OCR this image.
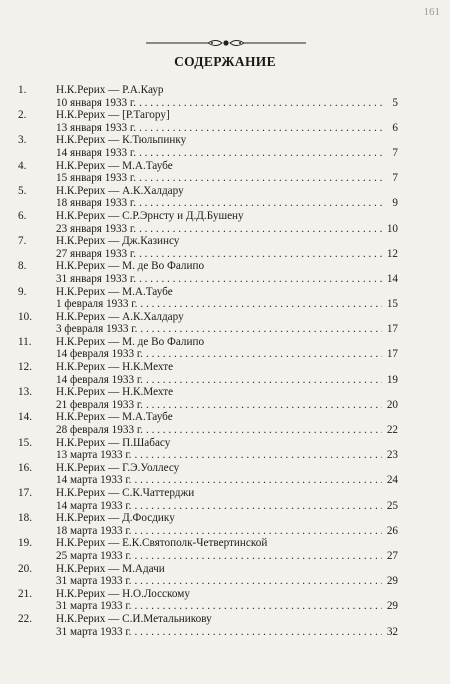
161
СОДЕРЖАНИЕ

1.	Н.К.Рерих — Р.А.Каур
10 января 1933 г. . . .	5
2.	Н.К.Рерих — [Р.Тагору]
13 января 1933 г. . . .	6
3.	Н.К.Рерих — К.Тюльпинку
14 января 1933 г. . . .	7
4.	Н.К.Рерих — М.А.Таубе
15 января 1933 г. . . .	7
5.	Н.К.Рерих — А.К.Халдару
18 января 1933 г. . . .	9
6.	Н.К.Рерих — С.Р.Эрнсту и Д.Д.Бушену
23 января 1933 г. . . .	10
7.	Н.К.Рерих — Дж.Казинсу
27 января 1933 г. . . .	12
8.	Н.К.Рерих — М. де Во Фалипо
31 января 1933 г. . . .	14
9.	Н.К.Рерих — М.А.Таубе
1 февраля 1933 г. . . .	15
10.	Н.К.Рерих — А.К.Халдару
3 февраля 1933 г. . . .	17
11.	Н.К.Рерих — М. де Во Фалипо
14 февраля 1933 г. . . .	17
12.	Н.К.Рерих — Н.К.Мехте
14 февраля 1933 г. . . .	19
13.	Н.К.Рерих — Н.К.Мехте
21 февраля 1933 г. . . .	20
14.	Н.К.Рерих — М.А.Таубе
28 февраля 1933 г. . . .	22
15.	Н.К.Рерих — П.Шабасу
13 марта 1933 г. . . .	23
16.	Н.К.Рерих — Г.Э.Уоллесу
14 марта 1933 г. . . .	24
17.	Н.К.Рерих — С.К.Чаттерджи
14 марта 1933 г. . . .	25
18.	Н.К.Рерих — Д.Фосдику
18 марта 1933 г. . . .	26
19.	Н.К.Рерих — Е.К.Святополк-Четвертинской
25 марта 1933 г. . . .	27
20.	Н.К.Рерих — М.Адачи
31 марта 1933 г. . . .	29
21.	Н.К.Рерих — Н.О.Лосскому
31 марта 1933 г. . . .	29
22.	Н.К.Рерих — С.И.Метальникову
31 марта 1933 г. . . .	32
